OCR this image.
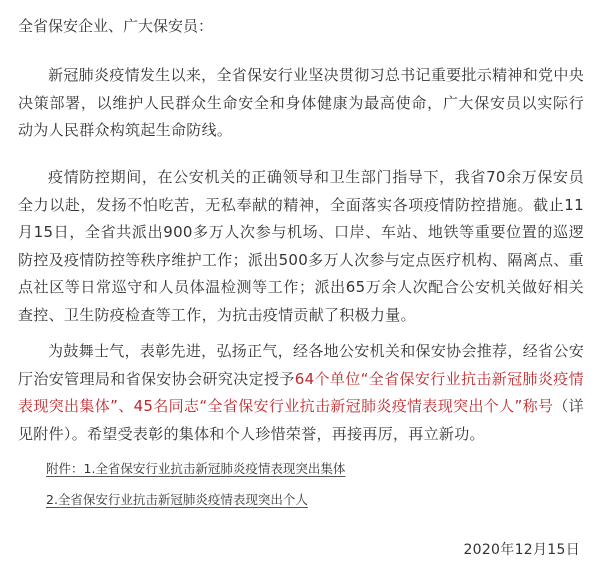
全省保安企业、广大保安员：

新冠肺炎疫情发生以来，全省保安行业坚决贯彻习总书记重要批示精神和党中央决策部署，以维护人民群众生命安全和身体健康为最高使命，广大保安员以实际行动为人民群众构筑起生命防线。

疫情防控期间，在公安机关的正确领导和卫生部门指导下，我省70余万保安员全力以赴，发扬不怕吃苦，无私奉献的精神，全面落实各项疫情防控措施。截止11月15日，全省共派出900多万人次参与机场、口岸、车站、地铁等重要位置的巡逻防控及疫情防控等秩序维护工作；派出500多万人次参与定点医疗机构、隔离点、重点社区等日常巡守和人员体温检测等工作；派出65万余人次配合公安机关做好相关查控、卫生防疫检查等工作，为抗击疫情贡献了积极力量。

为鼓舞士气，表彰先进，弘扬正气，经各地公安机关和保安协会推荐，经省公安厅治安管理局和省保安协会研究决定授予64个单位“全省保安行业抗击新冠肺炎疫情表现突出集体”、45名同志“全省保安行业抗击新冠肺炎疫情表现突出个人”称号（详见附件）。希望受表彰的集体和个人珍惜荣誉，再接再厉，再立新功。

附件：1.全省保安行业抗击新冠肺炎疫情表现突出集体
2.全省保安行业抗击新冠肺炎疫情表现突出个人
2020年12月15日
